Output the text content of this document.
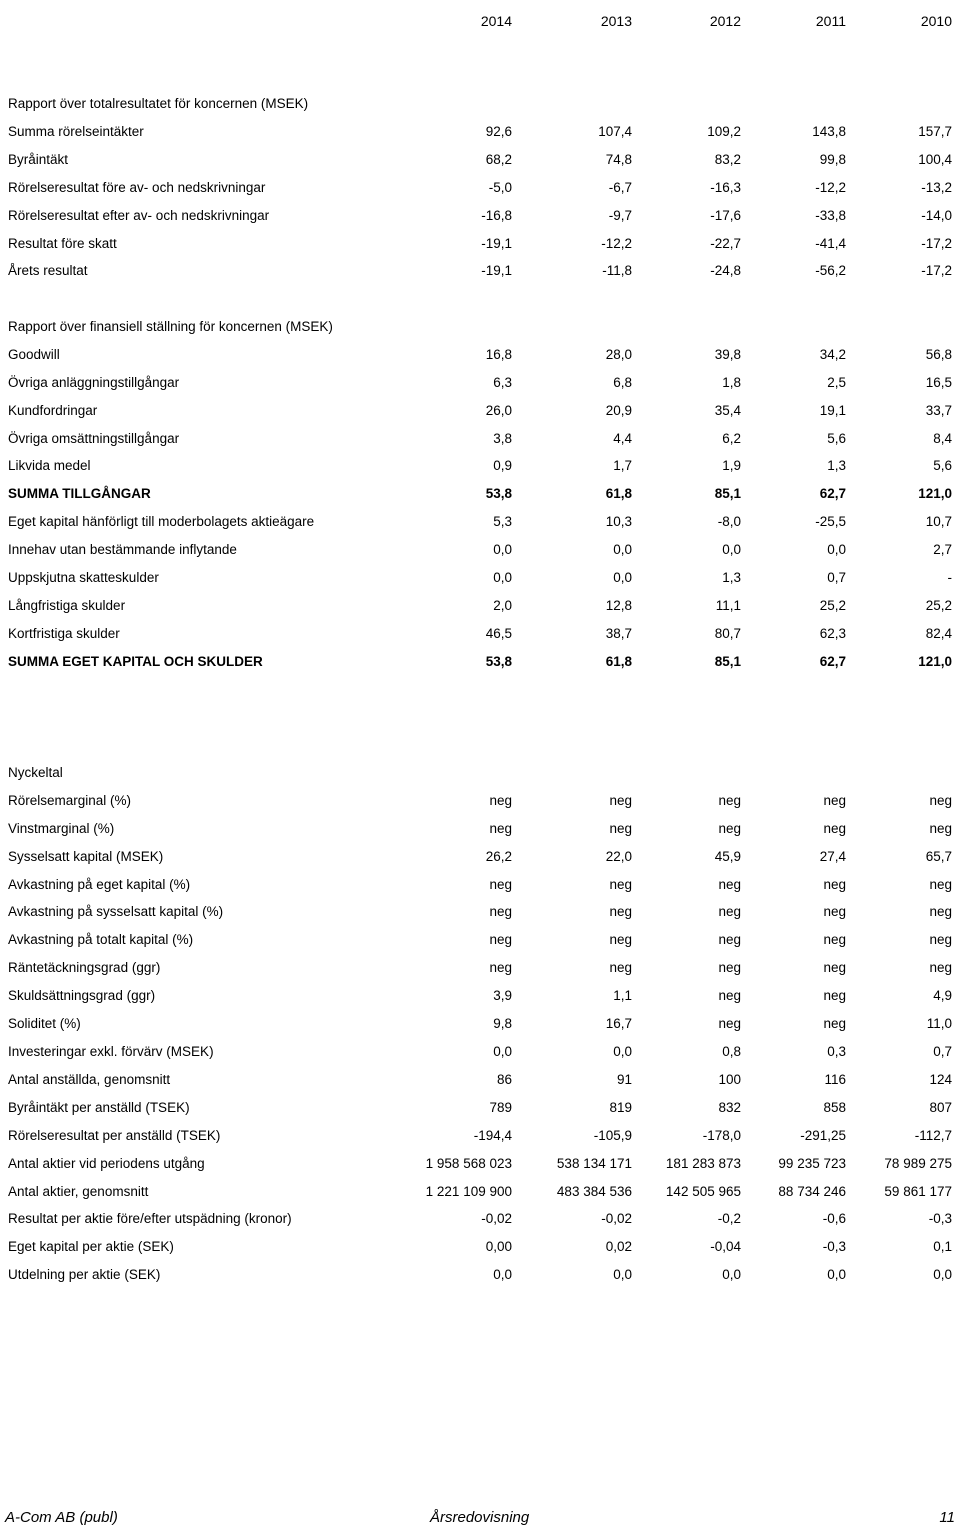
2014	2013	2012	2011	2010
Rapport över totalresultatet för koncernen (MSEK)
Summa rörelseintäkter	92,6	107,4	109,2	143,8	157,7
Byråintäkt	68,2	74,8	83,2	99,8	100,4
Rörelseresultat före av- och nedskrivningar	-5,0	-6,7	-16,3	-12,2	-13,2
Rörelseresultat efter av- och nedskrivningar	-16,8	-9,7	-17,6	-33,8	-14,0
Resultat före skatt	-19,1	-12,2	-22,7	-41,4	-17,2
Årets resultat	-19,1	-11,8	-24,8	-56,2	-17,2
Rapport över finansiell ställning för koncernen (MSEK)
Goodwill	16,8	28,0	39,8	34,2	56,8
Övriga anläggningstillgångar	6,3	6,8	1,8	2,5	16,5
Kundfordringar	26,0	20,9	35,4	19,1	33,7
Övriga omsättningstillgångar	3,8	4,4	6,2	5,6	8,4
Likvida medel	0,9	1,7	1,9	1,3	5,6
SUMMA TILLGÅNGAR	53,8	61,8	85,1	62,7	121,0
Eget kapital hänförligt till moderbolagets aktieägare	5,3	10,3	-8,0	-25,5	10,7
Innehav utan bestämmande inflytande	0,0	0,0	0,0	0,0	2,7
Uppskjutna skatteskulder	0,0	0,0	1,3	0,7	-
Långfristiga skulder	2,0	12,8	11,1	25,2	25,2
Kortfristiga skulder	46,5	38,7	80,7	62,3	82,4
SUMMA EGET KAPITAL OCH SKULDER	53,8	61,8	85,1	62,7	121,0
Nyckeltal
Rörelsemarginal (%)	neg	neg	neg	neg	neg
Vinstmarginal (%)	neg	neg	neg	neg	neg
Sysselsatt kapital (MSEK)	26,2	22,0	45,9	27,4	65,7
Avkastning på eget kapital (%)	neg	neg	neg	neg	neg
Avkastning på sysselsatt kapital (%)	neg	neg	neg	neg	neg
Avkastning på totalt kapital (%)	neg	neg	neg	neg	neg
Räntetäckningsgrad (ggr)	neg	neg	neg	neg	neg
Skuldsättningsgrad (ggr)	3,9	1,1	neg	neg	4,9
Soliditet (%)	9,8	16,7	neg	neg	11,0
Investeringar exkl. förvärv (MSEK)	0,0	0,0	0,8	0,3	0,7
Antal anställda, genomsnitt	86	91	100	116	124
Byråintäkt per anställd (TSEK)	789	819	832	858	807
Rörelseresultat per anställd (TSEK)	-194,4	-105,9	-178,0	-291,25	-112,7
Antal aktier vid periodens utgång	1 958 568 023	538 134 171	181 283 873	99 235 723	78 989 275
Antal aktier, genomsnitt	1 221 109 900	483 384 536	142 505 965	88 734 246	59 861 177
Resultat per aktie före/efter utspädning (kronor)	-0,02	-0,02	-0,2	-0,6	-0,3
Eget kapital per aktie (SEK)	0,00	0,02	-0,04	-0,3	0,1
Utdelning per aktie (SEK)	0,0	0,0	0,0	0,0	0,0
A-Com AB (publ)	Årsredovisning	11
